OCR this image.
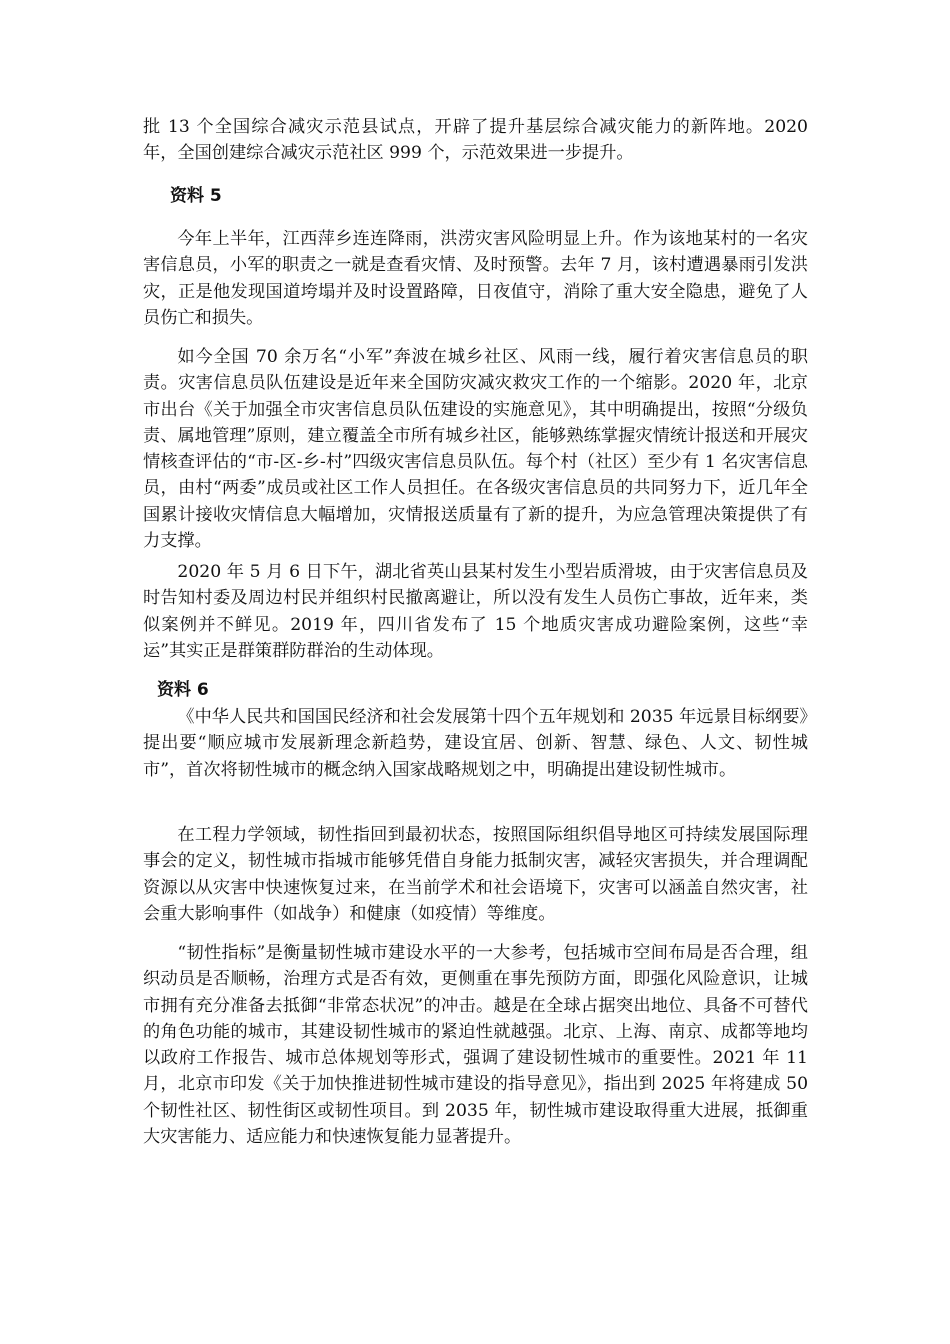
批 13 个全国综合减灾示范县试点，开辟了提升基层综合减灾能力的新阵地。2020 年，全国创建综合减灾示范社区 999 个，示范效果进一步提升。

资料 5

今年上半年，江西萍乡连连降雨，洪涝灾害风险明显上升。作为该地某村的一名灾害信息员，小军的职责之一就是查看灾情、及时预警。去年 7 月，该村遭遇暴雨引发洪灾，正是他发现国道垮塌并及时设置路障，日夜值守，消除了重大安全隐患，避免了人员伤亡和损失。

如今全国 70 余万名“小军”奔波在城乡社区、风雨一线，履行着灾害信息员的职责。灾害信息员队伍建设是近年来全国防灾减灾救灾工作的一个缩影。2020 年，北京市出台《关于加强全市灾害信息员队伍建设的实施意见》，其中明确提出，按照“分级负责、属地管理”原则，建立覆盖全市所有城乡社区，能够熟练掌握灾情统计报送和开展灾情核查评估的“市-区-乡-村”四级灾害信息员队伍。每个村（社区）至少有 1 名灾害信息员，由村“两委”成员或社区工作人员担任。在各级灾害信息员的共同努力下，近几年全国累计接收灾情信息大幅增加，灾情报送质量有了新的提升，为应急管理决策提供了有力支撑。

2020 年 5 月 6 日下午，湖北省英山县某村发生小型岩质滑坡，由于灾害信息员及时告知村委及周边村民并组织村民撤离避让，所以没有发生人员伤亡事故，近年来，类似案例并不鲜见。2019 年，四川省发布了 15 个地质灾害成功避险案例，这些“幸运”其实正是群策群防群治的生动体现。

资料 6

《中华人民共和国国民经济和社会发展第十四个五年规划和 2035 年远景目标纲要》提出要“顺应城市发展新理念新趋势，建设宜居、创新、智慧、绿色、人文、韧性城市”，首次将韧性城市的概念纳入国家战略规划之中，明确提出建设韧性城市。

在工程力学领域，韧性指回到最初状态，按照国际组织倡导地区可持续发展国际理事会的定义，韧性城市指城市能够凭借自身能力抵制灾害，减轻灾害损失，并合理调配资源以从灾害中快速恢复过来，在当前学术和社会语境下，灾害可以涵盖自然灾害，社会重大影响事件（如战争）和健康（如疫情）等维度。

“韧性指标”是衡量韧性城市建设水平的一大参考，包括城市空间布局是否合理，组织动员是否顺畅，治理方式是否有效，更侧重在事先预防方面，即强化风险意识，让城市拥有充分准备去抵御“非常态状况”的冲击。越是在全球占据突出地位、具备不可替代的角色功能的城市，其建设韧性城市的紧迫性就越强。北京、上海、南京、成都等地均以政府工作报告、城市总体规划等形式，强调了建设韧性城市的重要性。2021 年 11 月，北京市印发《关于加快推进韧性城市建设的指导意见》，指出到 2025 年将建成 50 个韧性社区、韧性街区或韧性项目。到 2035 年，韧性城市建设取得重大进展，抵御重大灾害能力、适应能力和快速恢复能力显著提升。
